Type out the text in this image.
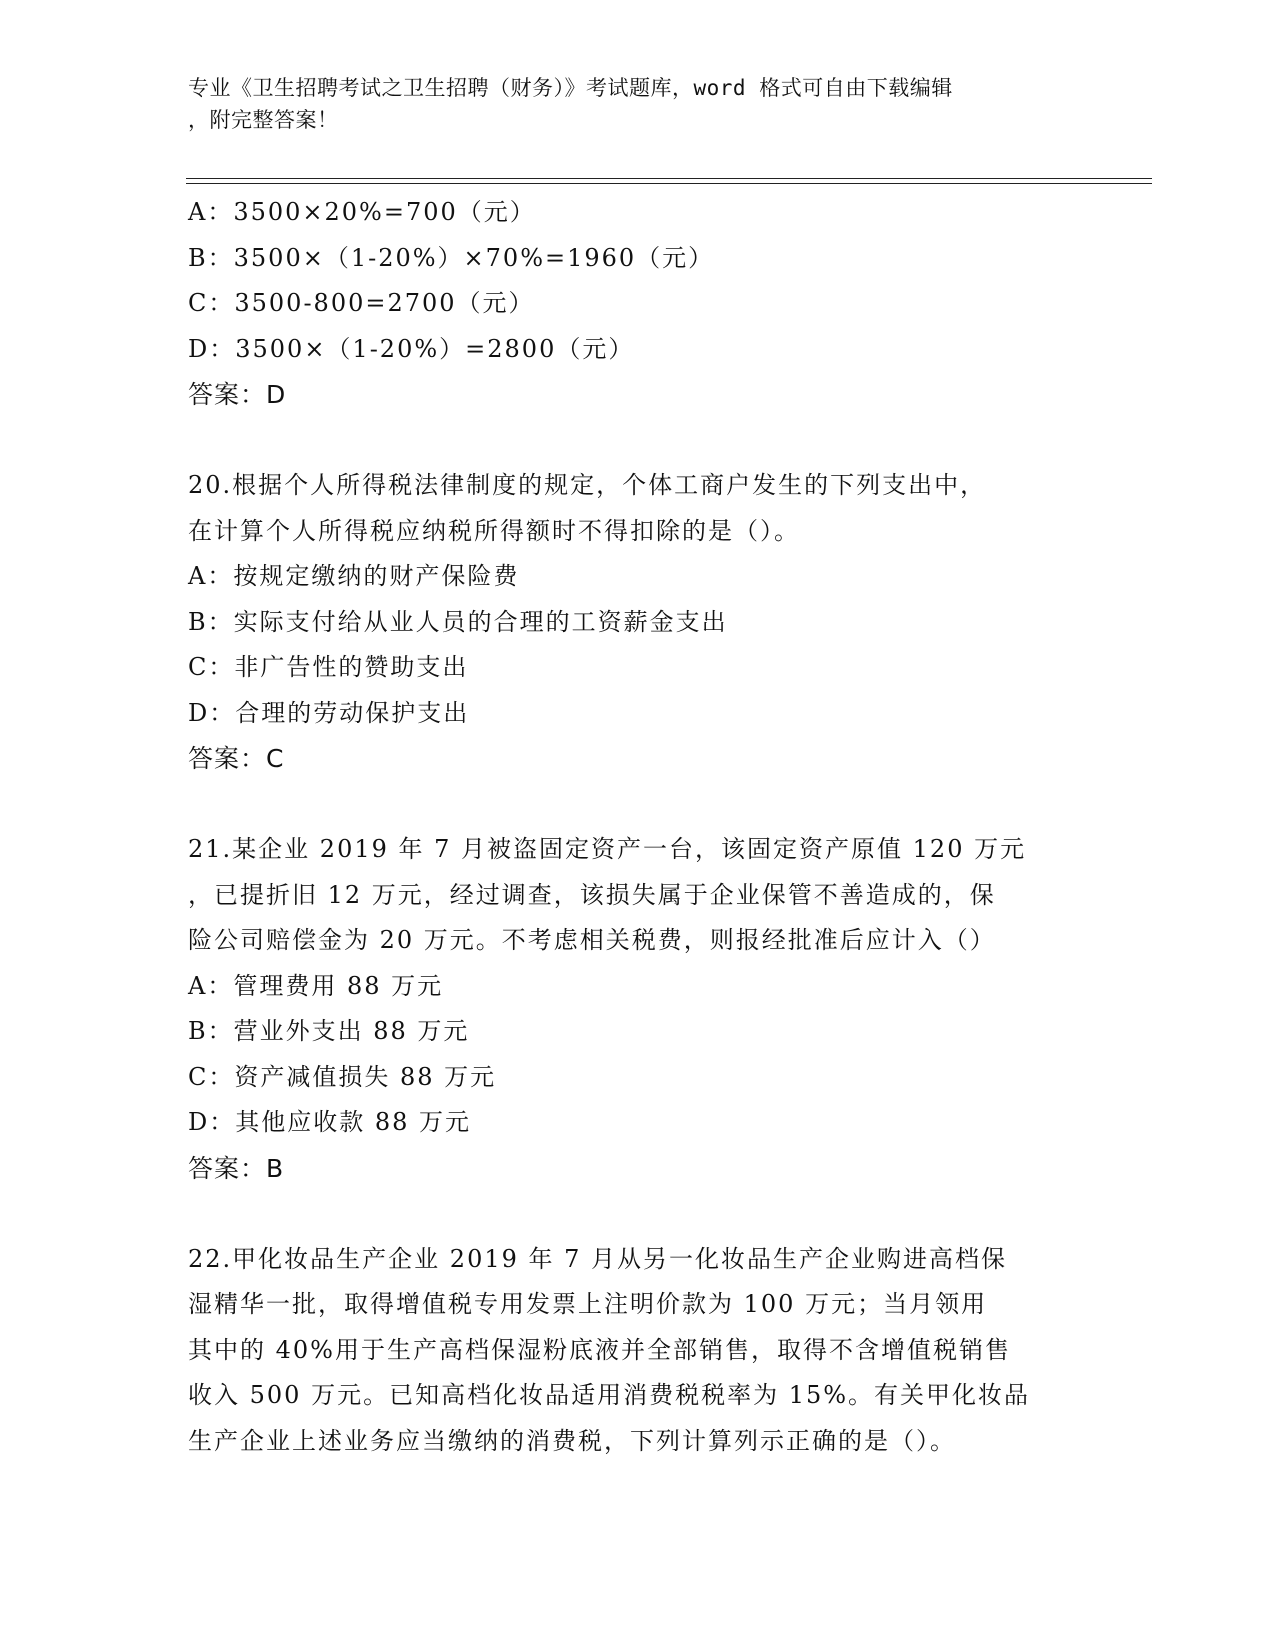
专业《卫生招聘考试之卫生招聘（财务）》考试题库，word 格式可自由下载编辑
，附完整答案！
A：3500×20%=700（元）
B：3500×（1-20%）×70%=1960（元）
C：3500-800=2700（元）
D：3500×（1-20%）=2800（元）
答案：D
20.根据个人所得税法律制度的规定，个体工商户发生的下列支出中，
在计算个人所得税应纳税所得额时不得扣除的是（）。
A：按规定缴纳的财产保险费
B：实际支付给从业人员的合理的工资薪金支出
C：非广告性的赞助支出
D：合理的劳动保护支出
答案：C
21.某企业 2019 年 7 月被盗固定资产一台，该固定资产原值 120 万元
，已提折旧 12 万元，经过调查，该损失属于企业保管不善造成的，保
险公司赔偿金为 20 万元。不考虑相关税费，则报经批准后应计入（）
A：管理费用 88 万元
B：营业外支出 88 万元
C：资产减值损失 88 万元
D：其他应收款 88 万元
答案：B
22.甲化妆品生产企业 2019 年 7 月从另一化妆品生产企业购进高档保
湿精华一批，取得增值税专用发票上注明价款为 100 万元；当月领用
其中的 40%用于生产高档保湿粉底液并全部销售，取得不含增值税销售
收入 500 万元。已知高档化妆品适用消费税税率为 15%。有关甲化妆品
生产企业上述业务应当缴纳的消费税，下列计算列示正确的是（）。
